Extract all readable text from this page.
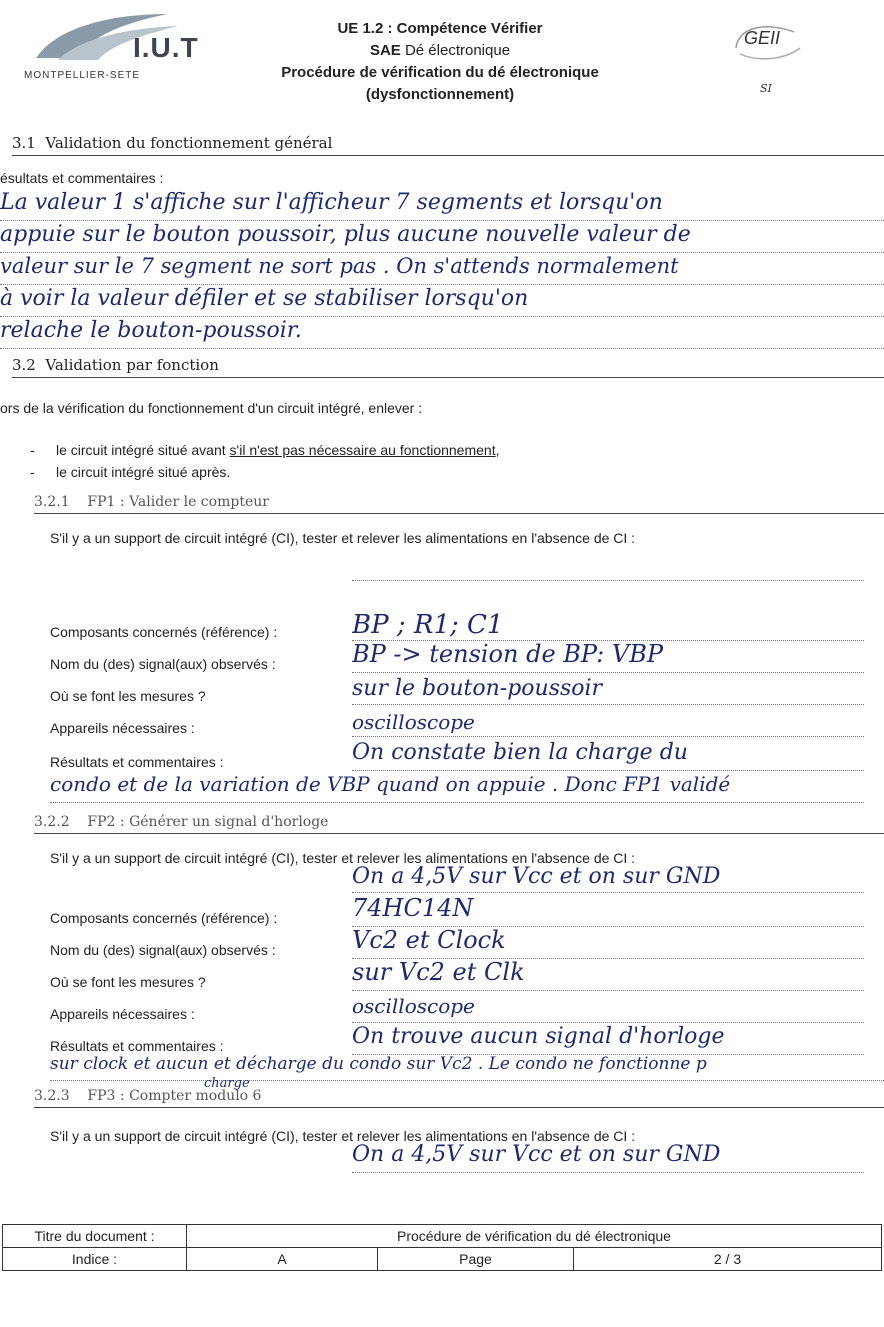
I.U.T
MONTPELLIER-SETE
UE 1.2 : Compétence Vérifier
SAE Dé électronique
Procédure de vérification du dé électronique
(dysfonctionnement)
GEII
SI
3.1  Validation du fonctionnement général
ésultats et commentaires :
La valeur 1 s'affiche sur l'afficheur 7 segments et lorsqu'on
appuie sur le bouton poussoir, plus aucune nouvelle valeur de
valeur sur le 7 segment ne sort pas . On s'attends normalement
à voir la valeur défiler et se stabiliser lorsqu'on
relache le bouton-poussoir.
3.2  Validation par fonction
ors de la vérification du fonctionnement d'un circuit intégré, enlever :
- le circuit intégré situé avant s'il n'est pas nécessaire au fonctionnement,
- le circuit intégré situé après.
3.2.1    FP1 : Valider le compteur
S'il y a un support de circuit intégré (CI), tester et relever les alimentations en l'absence de CI :
Composants concernés (référence) :	BP ; R1; C1
Nom du (des) signal(aux) observés :	BP -> tension de BP: VBP
Où se font les mesures ?	sur le bouton-poussoir
Appareils nécessaires :	oscilloscope
Résultats et commentaires :	On constate bien la charge du
condo et de la variation de VBP quand on appuie . Donc FP1 validé
3.2.2    FP2 : Générer un signal d'horloge
S'il y a un support de circuit intégré (CI), tester et relever les alimentations en l'absence de CI :
On a 4,5V sur Vcc et on sur GND
Composants concernés (référence) :	74HC14N
Nom du (des) signal(aux) observés :	Vc2 et Clock
Où se font les mesures ?	sur Vc2 et Clk
Appareils nécessaires :	oscilloscope
Résultats et commentaires :	On trouve aucun signal d'horloge
sur clock et aucun et décharge du condo sur Vc2 . Le condo ne fonctionne p
charge
3.2.3    FP3 : Compter modulo 6
S'il y a un support de circuit intégré (CI), tester et relever les alimentations en l'absence de CI :
On a 4,5V sur Vcc et on sur GND
Titre du document :	Procédure de vérification du dé électronique		
Indice :	A	Page	2 / 3
